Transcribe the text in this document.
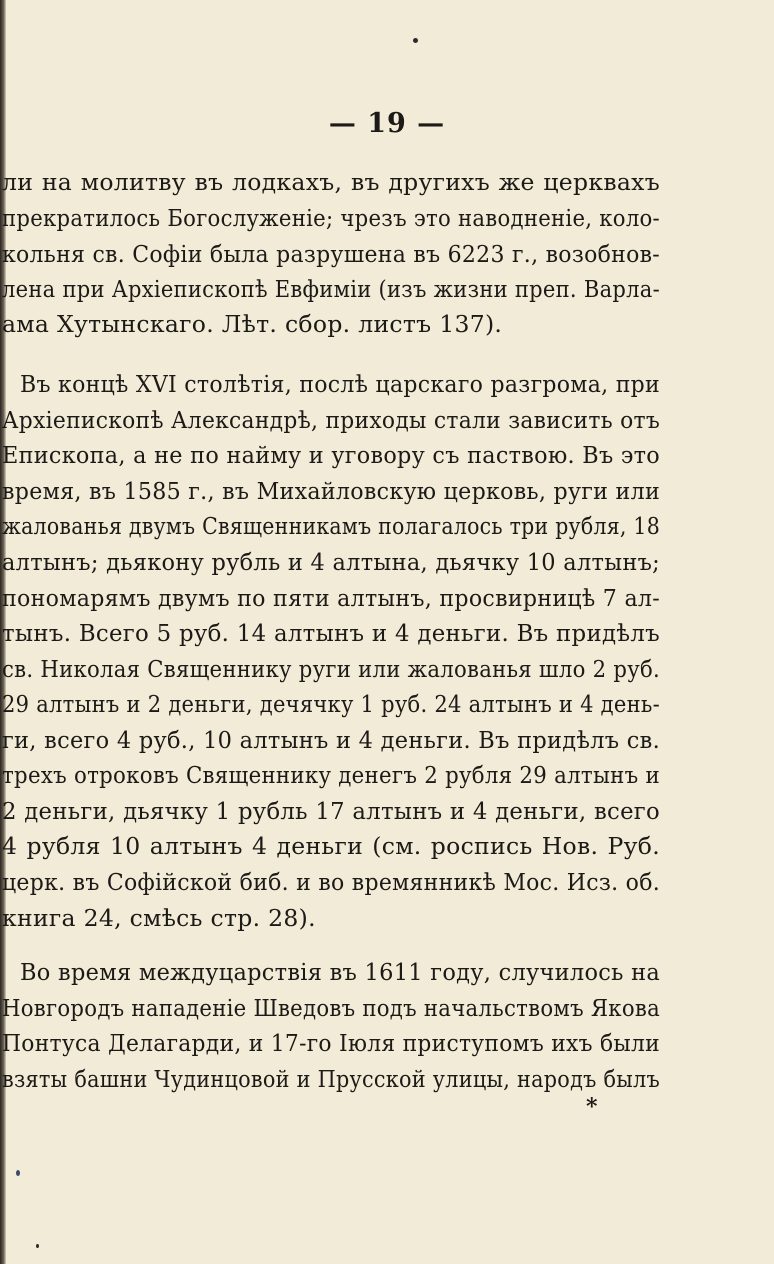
— 19 —
*
ли на молитву въ лодкахъ, въ другихъ же церквахъ
прекратилось Богослуженіе; чрезъ это наводненіе, коло-
кольня св. Софіи была разрушена въ 6223 г., возобнов-
лена при Архіепископѣ Евфиміи (изъ жизни преп. Варла-
ама Хутынскаго. Лѣт. сбор. листъ 137).
Въ концѣ XVI столѣтія, послѣ царскаго разгрома, при
Архіепископѣ Александрѣ, приходы стали зависить отъ
Епископа, а не по найму и уговору съ паствою. Въ это
время, въ 1585 г., въ Михайловскую церковь, руги или
жалованья двумъ Священникамъ полагалось три рубля, 18
алтынъ; дьякону рубль и 4 алтына, дьячку 10 алтынъ;
пономарямъ двумъ по пяти алтынъ, просвирницѣ 7 ал-
тынъ. Всего 5 руб. 14 алтынъ и 4 деньги. Въ придѣлъ
св. Николая Священнику руги или жалованья шло 2 руб.
29 алтынъ и 2 деньги, дечячку 1 руб. 24 алтынъ и 4 день-
ги, всего 4 руб., 10 алтынъ и 4 деньги. Въ придѣлъ св.
трехъ отроковъ Священнику денегъ 2 рубля 29 алтынъ и
2 деньги, дьячку 1 рубль 17 алтынъ и 4 деньги, всего
4 рубля 10 алтынъ 4 деньги (см. роспись Нов. Руб.
церк. въ Софійской биб. и во времянникѣ Мос. Исз. об.
книга 24, смѣсь стр. 28).
Во время междуцарствія въ 1611 году, случилось на
Новгородъ нападеніе Шведовъ подъ начальствомъ Якова
Понтуса Делагарди, и 17-го Іюля приступомъ ихъ были
взяты башни Чудинцовой и Прусской улицы, народъ былъ
